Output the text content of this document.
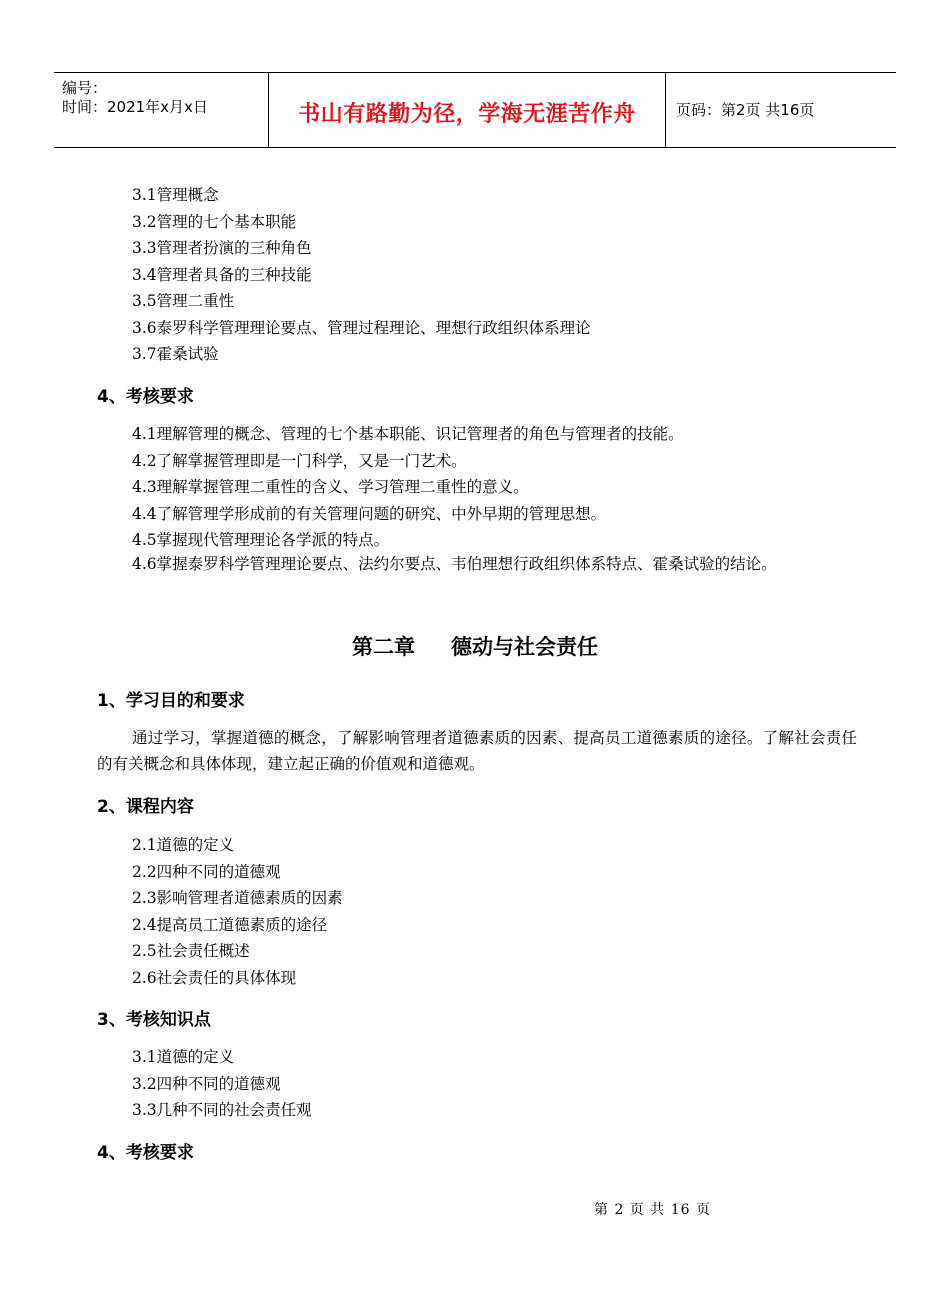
编号：
时间：2021年x月x日	书山有路勤为径，学海无涯苦作舟	页码：第2页 共16页
3.1管理概念
3.2管理的七个基本职能
3.3管理者扮演的三种角色
3.4管理者具备的三种技能
3.5管理二重性
3.6泰罗科学管理理论要点、管理过程理论、理想行政组织体系理论
3.7霍桑试验
4、考核要求
4.1理解管理的概念、管理的七个基本职能、识记管理者的角色与管理者的技能。
4.2了解掌握管理即是一门科学，又是一门艺术。
4.3理解掌握管理二重性的含义、学习管理二重性的意义。
4.4了解管理学形成前的有关管理问题的研究、中外早期的管理思想。
4.5掌握现代管理理论各学派的特点。
4.6掌握泰罗科学管理理论要点、法约尔要点、韦伯理想行政组织体系特点、霍桑试验的结论。
第二章 德动与社会责任
1、学习目的和要求
通过学习，掌握道德的概念，了解影响管理者道德素质的因素、提高员工道德素质的途径。了解社会责任的有关概念和具体体现，建立起正确的价值观和道德观。
2、课程内容
2.1道德的定义
2.2四种不同的道德观
2.3影响管理者道德素质的因素
2.4提高员工道德素质的途径
2.5社会责任概述
2.6社会责任的具体体现
3、考核知识点
3.1道德的定义
3.2四种不同的道德观
3.3几种不同的社会责任观
4、考核要求
第 2 页 共 16 页
